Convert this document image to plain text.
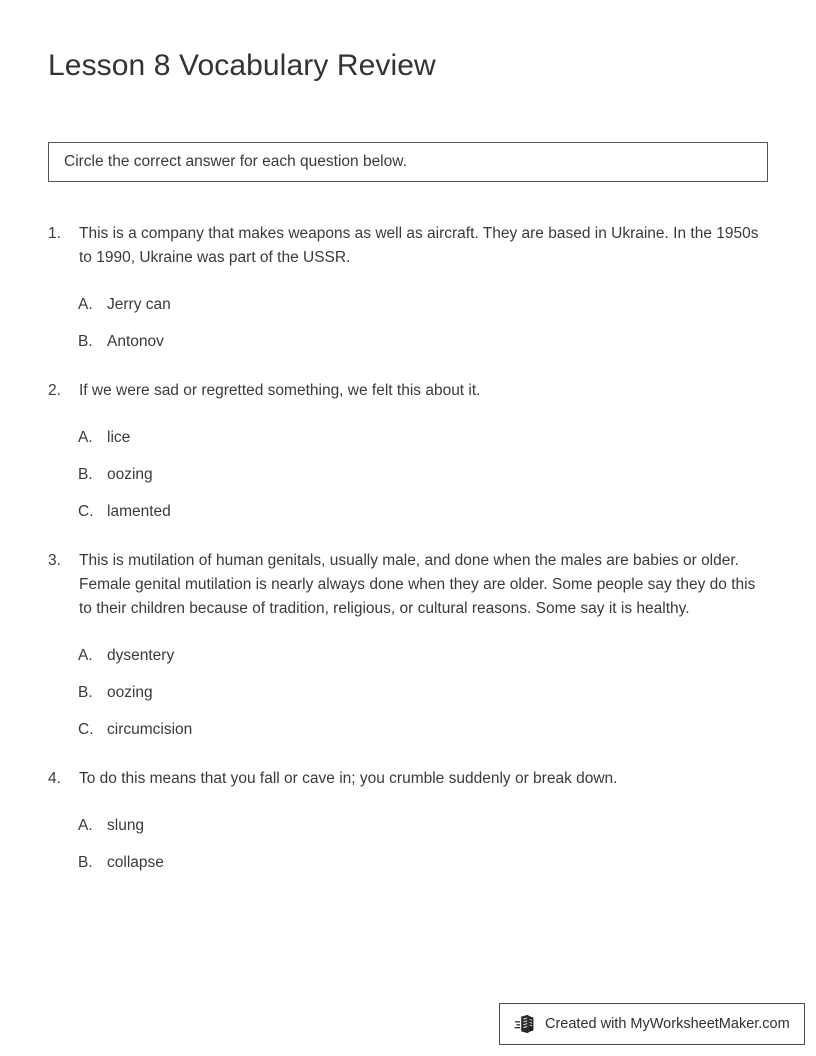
Lesson 8 Vocabulary Review
Circle the correct answer for each question below.
1.	This is a company that makes weapons as well as aircraft. They are based in Ukraine. In the 1950s to 1990, Ukraine was part of the USSR.
A. Jerry can
B. Antonov
2.	If we were sad or regretted something, we felt this about it.
A. lice
B. oozing
C. lamented
3.	This is mutilation of human genitals, usually male, and done when the males are babies or older. Female genital mutilation is nearly always done when they are older. Some people say they do this to their children because of tradition, religious, or cultural reasons. Some say it is healthy.
A. dysentery
B. oozing
C. circumcision
4.	To do this means that you fall or cave in; you crumble suddenly or break down.
A. slung
B. collapse
Created with MyWorksheetMaker.com
